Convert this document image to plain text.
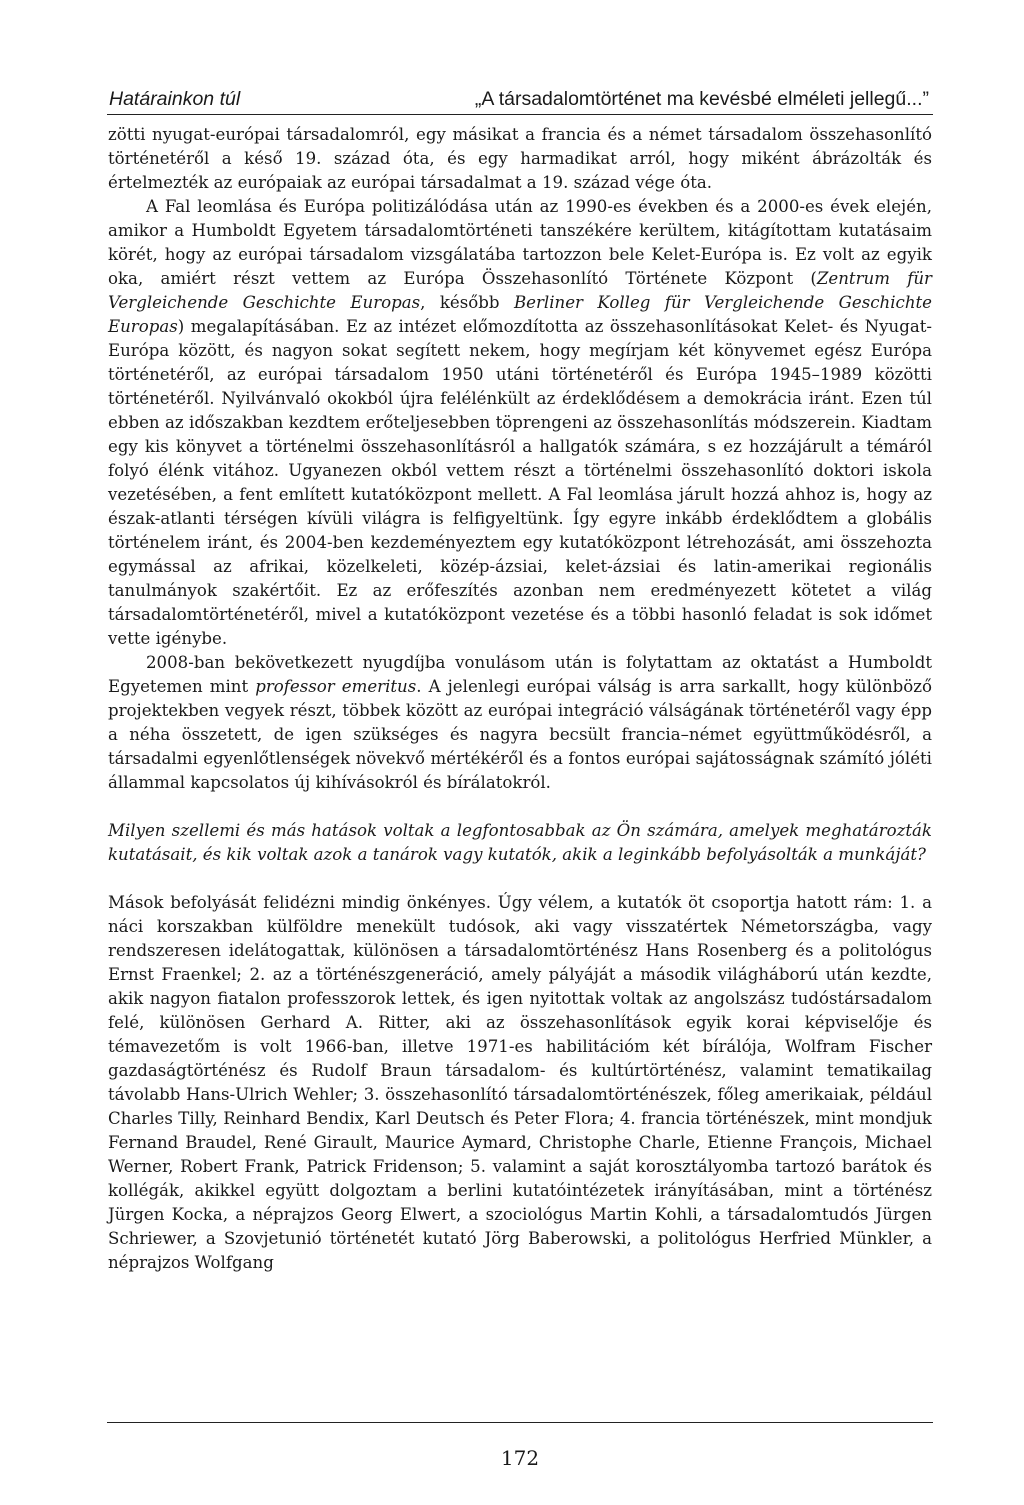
Határainkon túl	„A társadalomtörténet ma kevésbé elméleti jellegű...”

zötti nyugat-európai társadalomról, egy másikat a francia és a német társadalom összehasonlító történetéről a késő 19. század óta, és egy harmadikat arról, hogy miként ábrázolták és értelmezték az európaiak az európai társadalmat a 19. század vége óta.

A Fal leomlása és Európa politizálódása után az 1990-es években és a 2000-es évek elején, amikor a Humboldt Egyetem társadalomtörténeti tanszékére kerültem, kitágítottam kutatásaim körét, hogy az európai társadalom vizsgálatába tartozzon bele Kelet-Európa is. Ez volt az egyik oka, amiért részt vettem az Európa Összehasonlító Története Központ (Zentrum für Vergleichende Geschichte Europas, később Berliner Kolleg für Vergleichende Geschichte Europas) megalapításában. Ez az intézet előmozdította az összehasonlításokat Kelet- és Nyugat-Európa között, és nagyon sokat segített nekem, hogy megírjam két könyvemet egész Európa történetéről, az európai társadalom 1950 utáni történetéről és Európa 1945–1989 közötti történetéről. Nyilvánvaló okokból újra felélénkült az érdeklődésem a demokrácia iránt. Ezen túl ebben az időszakban kezdtem erőteljesebben töprengeni az összehasonlítás módszerein. Kiadtam egy kis könyvet a történelmi összehasonlításról a hallgatók számára, s ez hozzájárult a témáról folyó élénk vitához. Ugyanezen okból vettem részt a történelmi összehasonlító doktori iskola vezetésében, a fent említett kutatóközpont mellett. A Fal leomlása járult hozzá ahhoz is, hogy az észak-atlanti térségen kívüli világra is felfigyeltünk. Így egyre inkább érdeklődtem a globális történelem iránt, és 2004-ben kezdeményeztem egy kutatóközpont létrehozását, ami összehozta egymással az afrikai, közelkeleti, közép-ázsiai, kelet-ázsiai és latin-amerikai regionális tanulmányok szakértőit. Ez az erőfeszítés azonban nem eredményezett kötetet a világ társadalomtörténetéről, mivel a kutatóközpont vezetése és a többi hasonló feladat is sok időmet vette igénybe.

2008-ban bekövetkezett nyugdíjba vonulásom után is folytattam az oktatást a Humboldt Egyetemen mint professor emeritus. A jelenlegi európai válság is arra sarkallt, hogy különböző projektekben vegyek részt, többek között az európai integráció válságának történetéről vagy épp a néha összetett, de igen szükséges és nagyra becsült francia–német együttműködésről, a társadalmi egyenlőtlenségek növekvő mértékéről és a fontos európai sajátosságnak számító jóléti állammal kapcsolatos új kihívásokról és bírálatokról.

Milyen szellemi és más hatások voltak a legfontosabbak az Ön számára, amelyek meghatározták kutatásait, és kik voltak azok a tanárok vagy kutatók, akik a leginkább befolyásolták a munkáját?

Mások befolyását felidézni mindig önkényes. Úgy vélem, a kutatók öt csoportja hatott rám: 1. a náci korszakban külföldre menekült tudósok, aki vagy visszatértek Németországba, vagy rendszeresen idelátogattak, különösen a társadalomtörténész Hans Rosenberg és a politológus Ernst Fraenkel; 2. az a történészgeneráció, amely pályáját a második világháború után kezdte, akik nagyon fiatalon professzorok lettek, és igen nyitottak voltak az angolszász tudóstársadalom felé, különösen Gerhard A. Ritter, aki az összehasonlítások egyik korai képviselője és témavezetőm is volt 1966-ban, illetve 1971-es habilitációm két bírálója, Wolfram Fischer gazdaságtörténész és Rudolf Braun társadalom- és kultúrtörténész, valamint tematikailag távolabb Hans-Ulrich Wehler; 3. összehasonlító társadalomtörténészek, főleg amerikaiak, például Charles Tilly, Reinhard Bendix, Karl Deutsch és Peter Flora; 4. francia történészek, mint mondjuk Fernand Braudel, René Girault, Maurice Aymard, Christophe Charle, Etienne François, Michael Werner, Robert Frank, Patrick Fridenson; 5. valamint a saját korosztályomba tartozó barátok és kollégák, akikkel együtt dolgoztam a berlini kutatóintézetek irányításában, mint a történész Jürgen Kocka, a néprajzos Georg Elwert, a szociológus Martin Kohli, a társadalomtudós Jürgen Schriewer, a Szovjetunió történetét kutató Jörg Baberowski, a politológus Herfried Münkler, a néprajzos Wolfgang

172
